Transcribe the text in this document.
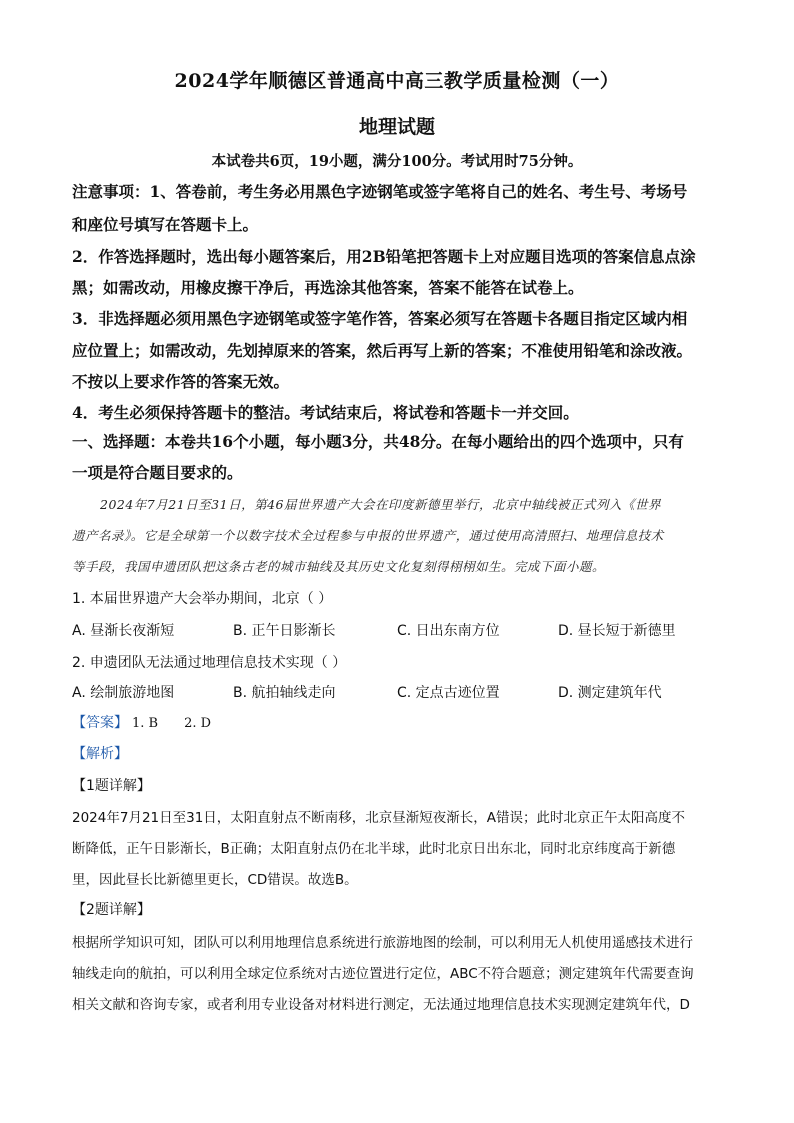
2024学年顺德区普通高中高三教学质量检测（一）
地理试题
本试卷共6页，19小题，满分100分。考试用时75分钟。
注意事项：1、答卷前，考生务必用黑色字迹钢笔或签字笔将自己的姓名、考生号、考场号
和座位号填写在答题卡上。
2．作答选择题时，选出每小题答案后，用2B铅笔把答题卡上对应题目选项的答案信息点涂
黑；如需改动，用橡皮擦干净后，再选涂其他答案，答案不能答在试卷上。
3．非选择题必须用黑色字迹钢笔或签字笔作答，答案必须写在答题卡各题目指定区域内相
应位置上；如需改动，先划掉原来的答案，然后再写上新的答案；不准使用铅笔和涂改液。
不按以上要求作答的答案无效。
4．考生必须保持答题卡的整洁。考试结束后，将试卷和答题卡一并交回。
一、选择题：本卷共16个小题，每小题3分，共48分。在每小题给出的四个选项中，只有
一项是符合题目要求的。
2024年7月21日至31日，第46届世界遗产大会在印度新德里举行，北京中轴线被正式列入《世界
遗产名录》。它是全球第一个以数字技术全过程参与申报的世界遗产，通过使用高清照扫、地理信息技术
等手段，我国申遗团队把这条古老的城市轴线及其历史文化复刻得栩栩如生。完成下面小题。
1. 本届世界遗产大会举办期间，北京（ ）
A. 昼渐长夜渐短	B. 正午日影渐长	C. 日出东南方位	D. 昼长短于新德里
2. 申遗团队无法通过地理信息技术实现（ ）
A. 绘制旅游地图	B. 航拍轴线走向	C. 定点古迹位置	D. 测定建筑年代
【答案】 1. B 2. D
【解析】
【1题详解】
2024年7月21日至31日，太阳直射点不断南移，北京昼渐短夜渐长，A错误；此时北京正午太阳高度不
断降低，正午日影渐长，B正确；太阳直射点仍在北半球，此时北京日出东北，同时北京纬度高于新德
里，因此昼长比新德里更长，CD错误。故选B。
【2题详解】
根据所学知识可知，团队可以利用地理信息系统进行旅游地图的绘制，可以利用无人机使用遥感技术进行
轴线走向的航拍，可以利用全球定位系统对古迹位置进行定位，ABC不符合题意；测定建筑年代需要查询
相关文献和咨询专家，或者利用专业设备对材料进行测定，无法通过地理信息技术实现测定建筑年代，D
